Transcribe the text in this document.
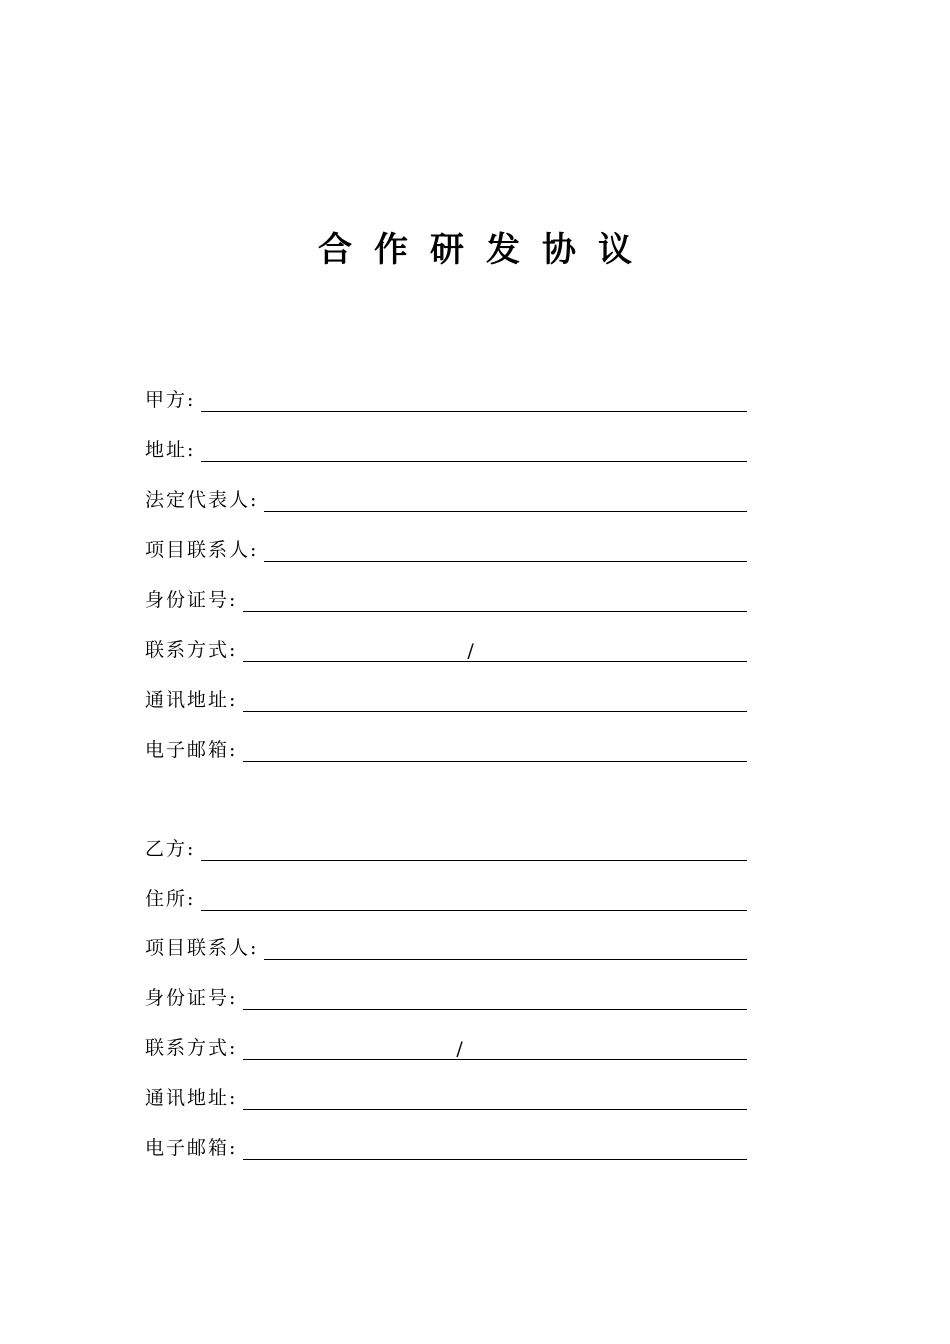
合作研发协议
甲方:
地址:
法定代表人:
项目联系人:
身份证号:
联系方式:	/
通讯地址:
电子邮箱:
乙方:
住所:
项目联系人:
身份证号:
联系方式:	/
通讯地址:
电子邮箱:
